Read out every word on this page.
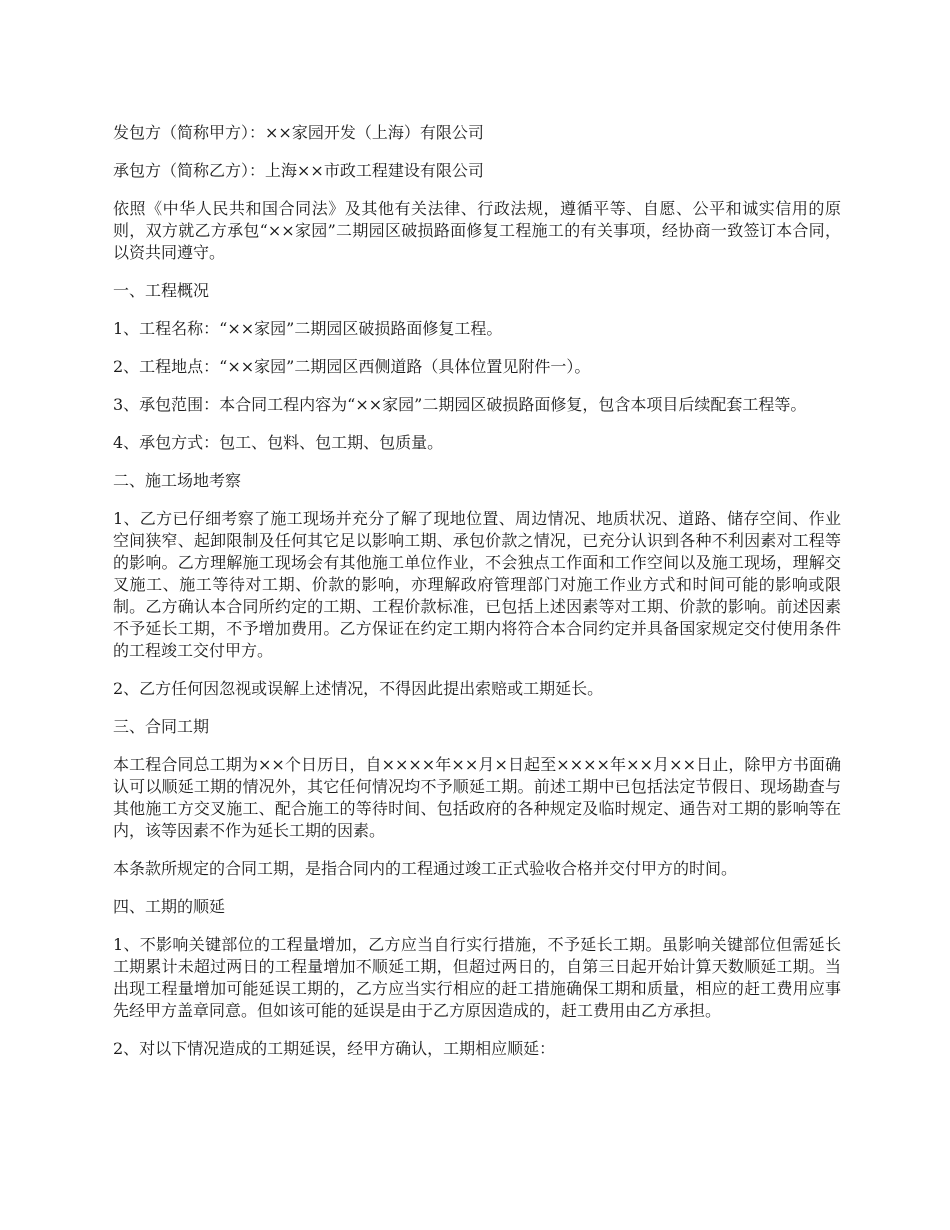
发包方（简称甲方）：××家园开发（上海）有限公司

承包方（简称乙方）：上海××市政工程建设有限公司

依照《中华人民共和国合同法》及其他有关法律、行政法规，遵循平等、自愿、公平和诚实信用的原则，双方就乙方承包“××家园”二期园区破损路面修复工程施工的有关事项，经协商一致签订本合同，以资共同遵守。

一、工程概况

1、工程名称：“××家园”二期园区破损路面修复工程。

2、工程地点：“××家园”二期园区西侧道路（具体位置见附件一）。

3、承包范围：本合同工程内容为“××家园”二期园区破损路面修复，包含本项目后续配套工程等。

4、承包方式：包工、包料、包工期、包质量。

二、施工场地考察

1、乙方已仔细考察了施工现场并充分了解了现地位置、周边情况、地质状况、道路、储存空间、作业空间狭窄、起卸限制及任何其它足以影响工期、承包价款之情况，已充分认识到各种不利因素对工程等的影响。乙方理解施工现场会有其他施工单位作业，不会独点工作面和工作空间以及施工现场，理解交叉施工、施工等待对工期、价款的影响，亦理解政府管理部门对施工作业方式和时间可能的影响或限制。乙方确认本合同所约定的工期、工程价款标准，已包括上述因素等对工期、价款的影响。前述因素不予延长工期，不予增加费用。乙方保证在约定工期内将符合本合同约定并具备国家规定交付使用条件的工程竣工交付甲方。

2、乙方任何因忽视或误解上述情况，不得因此提出索赔或工期延长。

三、合同工期

本工程合同总工期为××个日历日，自××××年××月×日起至××××年××月××日止，除甲方书面确认可以顺延工期的情况外，其它任何情况均不予顺延工期。前述工期中已包括法定节假日、现场勘查与其他施工方交叉施工、配合施工的等待时间、包括政府的各种规定及临时规定、通告对工期的影响等在内，该等因素不作为延长工期的因素。

本条款所规定的合同工期，是指合同内的工程通过竣工正式验收合格并交付甲方的时间。

四、工期的顺延

1、不影响关键部位的工程量增加，乙方应当自行实行措施，不予延长工期。虽影响关键部位但需延长工期累计未超过两日的工程量增加不顺延工期，但超过两日的，自第三日起开始计算天数顺延工期。当出现工程量增加可能延误工期的，乙方应当实行相应的赶工措施确保工期和质量，相应的赶工费用应事先经甲方盖章同意。但如该可能的延误是由于乙方原因造成的，赶工费用由乙方承担。

2、对以下情况造成的工期延误，经甲方确认，工期相应顺延：
